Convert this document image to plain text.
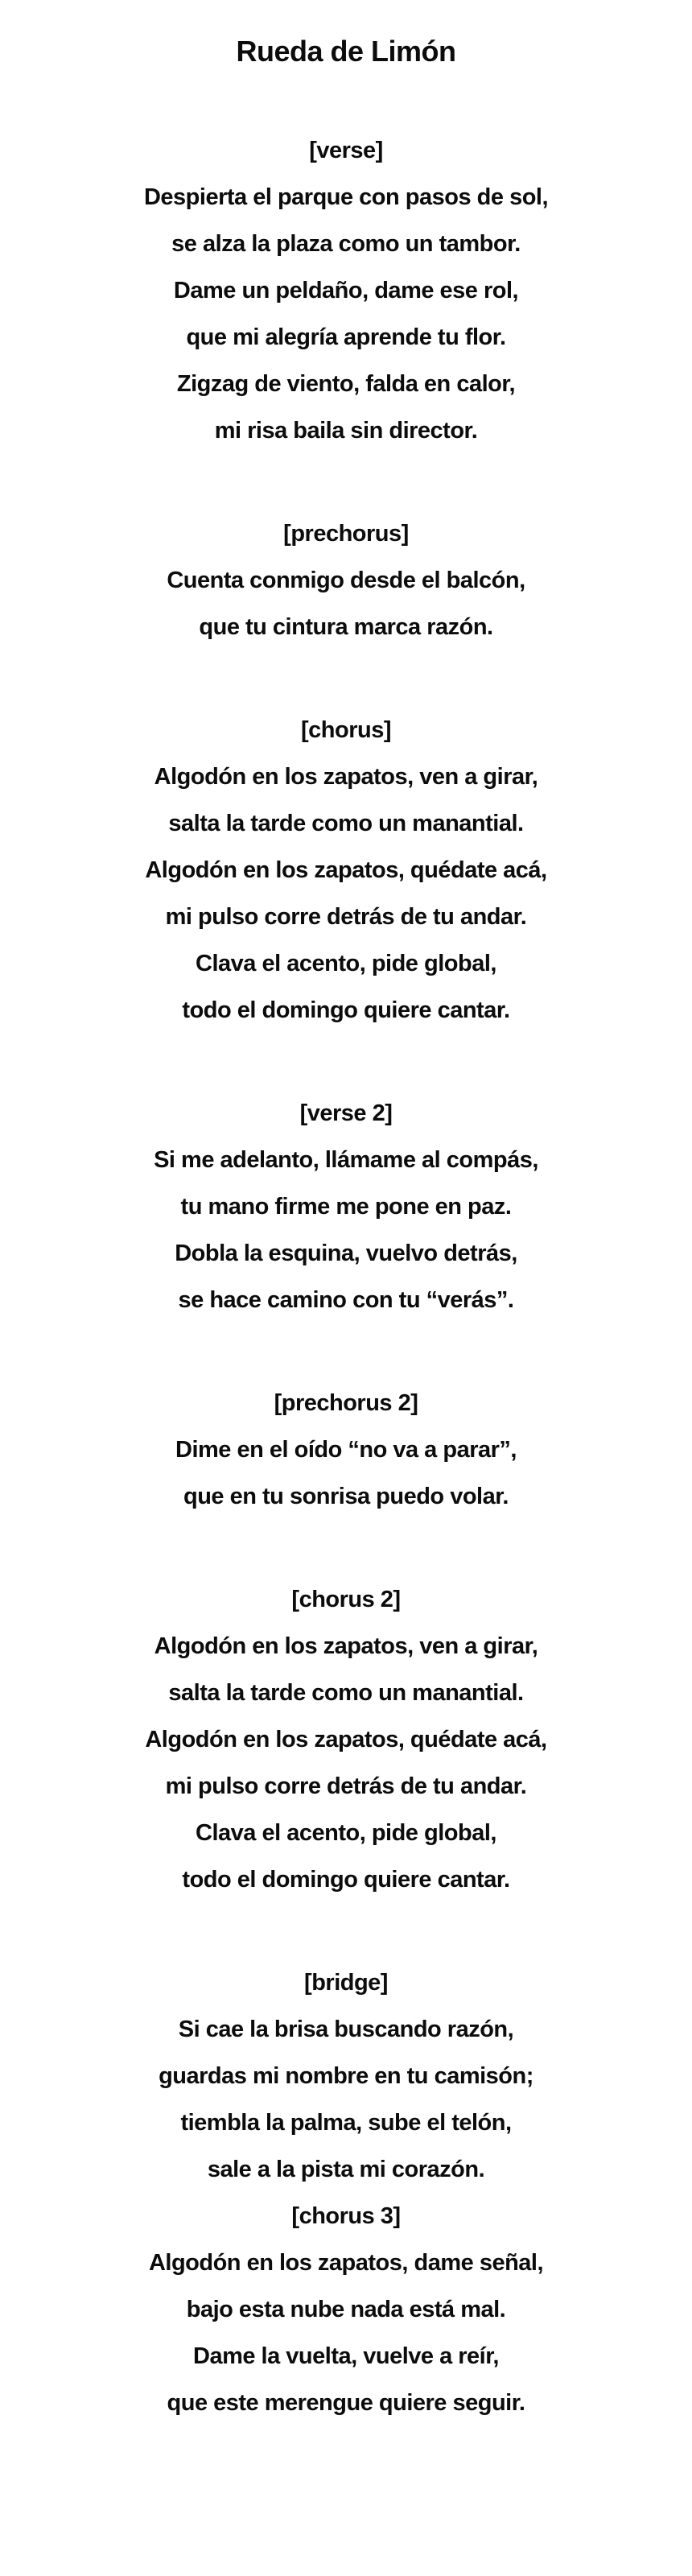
Rueda de Limón
[verse]
Despierta el parque con pasos de sol,
se alza la plaza como un tambor.
Dame un peldaño, dame ese rol,
que mi alegría aprende tu flor.
Zigzag de viento, falda en calor,
mi risa baila sin director.
[prechorus]
Cuenta conmigo desde el balcón,
que tu cintura marca razón.
[chorus]
Algodón en los zapatos, ven a girar,
salta la tarde como un manantial.
Algodón en los zapatos, quédate acá,
mi pulso corre detrás de tu andar.
Clava el acento, pide global,
todo el domingo quiere cantar.
[verse 2]
Si me adelanto, llámame al compás,
tu mano firme me pone en paz.
Dobla la esquina, vuelvo detrás,
se hace camino con tu “verás”.
[prechorus 2]
Dime en el oído “no va a parar”,
que en tu sonrisa puedo volar.
[chorus 2]
Algodón en los zapatos, ven a girar,
salta la tarde como un manantial.
Algodón en los zapatos, quédate acá,
mi pulso corre detrás de tu andar.
Clava el acento, pide global,
todo el domingo quiere cantar.
[bridge]
Si cae la brisa buscando razón,
guardas mi nombre en tu camisón;
tiembla la palma, sube el telón,
sale a la pista mi corazón.
[chorus 3]
Algodón en los zapatos, dame señal,
bajo esta nube nada está mal.
Dame la vuelta, vuelve a reír,
que este merengue quiere seguir.
